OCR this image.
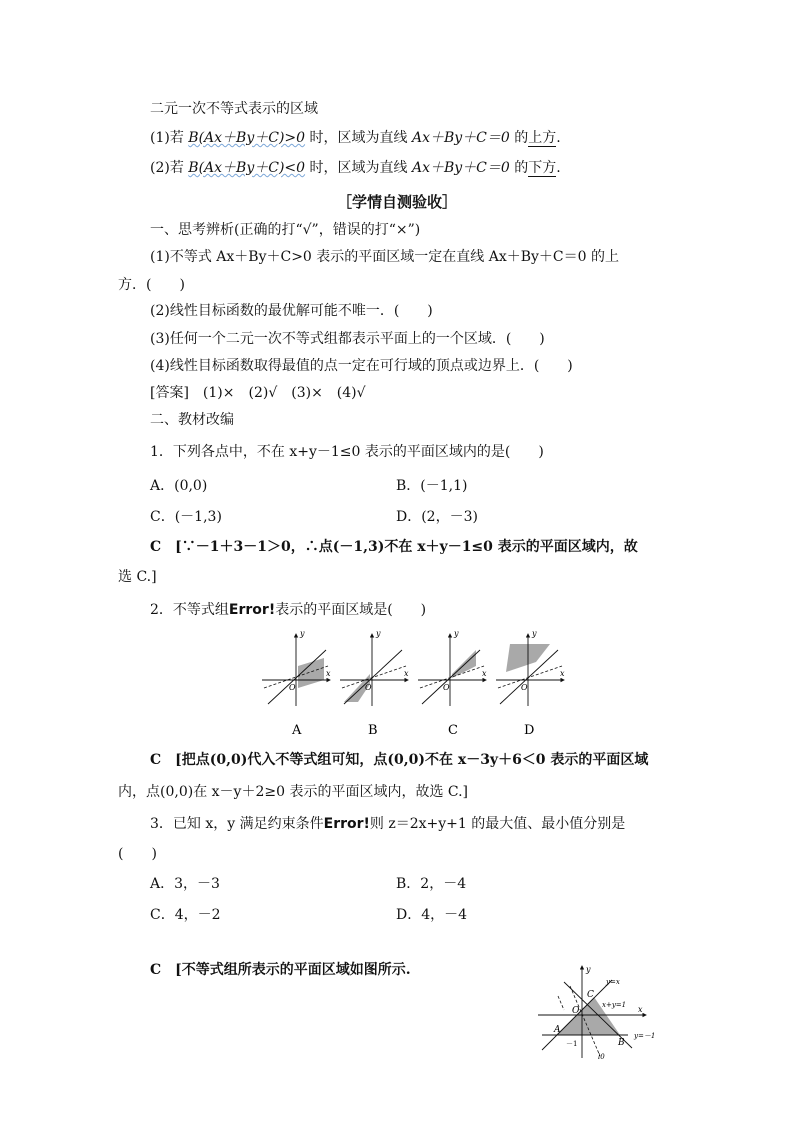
二元一次不等式表示的区域
(1)若 B(Ax＋By＋C)>0 时，区域为直线 Ax＋By＋C＝0 的上方.
(2)若 B(Ax＋By＋C)<0 时，区域为直线 Ax＋By＋C＝0 的下方.
［学情自测验收］
一、思考辨析(正确的打“√”，错误的打“×”)
(1)不等式 Ax＋By＋C>0 表示的平面区域一定在直线 Ax＋By＋C＝0 的上
方．(　　)
(2)线性目标函数的最优解可能不唯一．(　　)
(3)任何一个二元一次不等式组都表示平面上的一个区域．(　　)
(4)线性目标函数取得最值的点一定在可行域的顶点或边界上．(　　)
[答案]　(1)×　(2)√　(3)×　(4)√
二、教材改编
1．下列各点中，不在 x+y－1≤0 表示的平面区域内的是(　　)
A．(0,0)	B．(－1,1)
C．(－1,3)	D．(2，－3)
C　[∵－1＋3－1＞0，∴点(－1,3)不在 x＋y－1≤0 表示的平面区域内，故
选 C.]
2．不等式组Error!表示的平面区域是(　　)
y
x
O
y
x
O
y
x
O
y
x
O
A	B	C	D
C　[把点(0,0)代入不等式组可知，点(0,0)不在 x－3y＋6＜0 表示的平面区域
内，点(0,0)在 x－y＋2≥0 表示的平面区域内，故选 C.]
3．已知 x，y 满足约束条件Error!则 z＝2x+y+1 的最大值、最小值分别是
(　　)
A．3，－3	B．2，－4
C．4，－2	D．4，－4
C　[不等式组所表示的平面区域如图所示.	y
x
y=x
x+y=1
y=－1
C
O
A
B
－1
l0
